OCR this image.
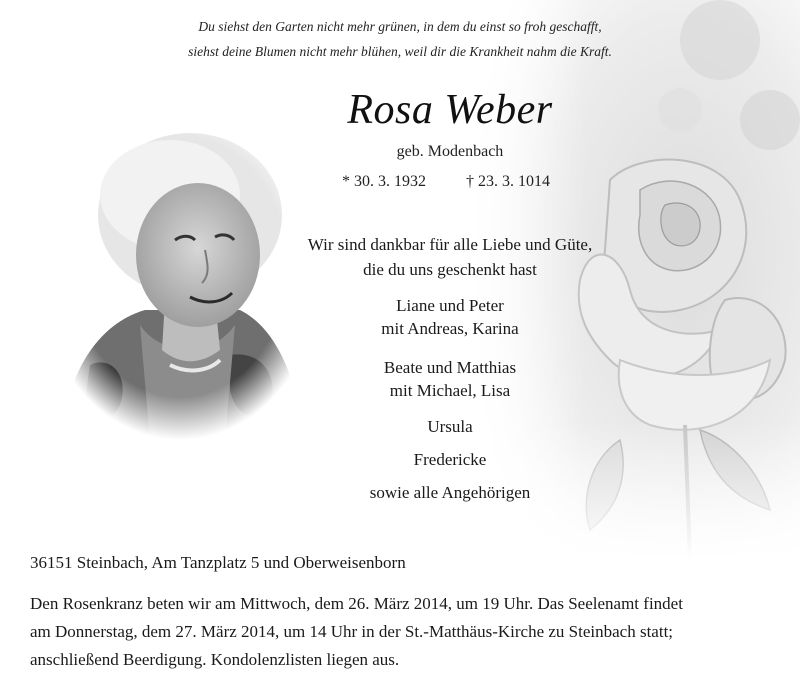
Du siehst den Garten nicht mehr grünen, in dem du einst so froh geschafft,
siehst deine Blumen nicht mehr blühen, weil dir die Krankheit nahm die Kraft.
Rosa Weber
geb. Modenbach
* 30. 3. 1932	† 23. 3. 1014
Wir sind dankbar für alle Liebe und Güte,
die du uns geschenkt hast
Liane und Peter
mit Andreas, Karina
Beate und Matthias
mit Michael, Lisa
Ursula
Fredericke
sowie alle Angehörigen
36151 Steinbach, Am Tanzplatz 5 und Oberweisenborn
Den Rosenkranz beten wir am Mittwoch, dem 26. März 2014, um 19 Uhr. Das Seelenamt findet
am Donnerstag, dem 27. März 2014, um 14 Uhr in der St.-Matthäus-Kirche zu Steinbach statt;
anschließend Beerdigung. Kondolenzlisten liegen aus.
